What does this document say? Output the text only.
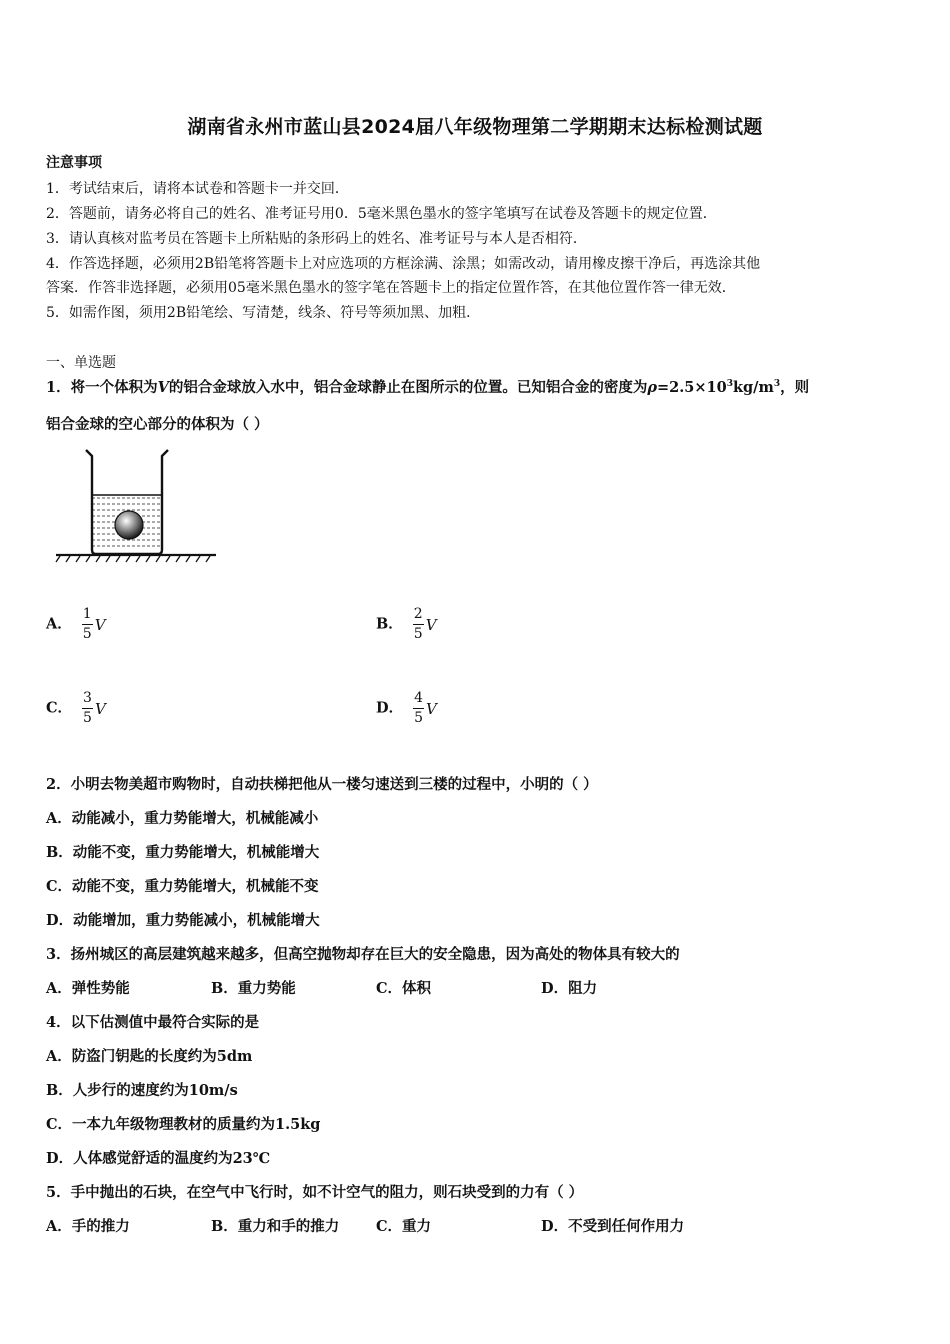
湖南省永州市蓝山县2024届八年级物理第二学期期末达标检测试题
注意事项
1．考试结束后，请将本试卷和答题卡一并交回．
2．答题前，请务必将自己的姓名、准考证号用0．5毫米黑色墨水的签字笔填写在试卷及答题卡的规定位置．
3．请认真核对监考员在答题卡上所粘贴的条形码上的姓名、准考证号与本人是否相符．
4．作答选择题，必须用2B铅笔将答题卡上对应选项的方框涂满、涂黑；如需改动，请用橡皮擦干净后，再选涂其他
答案．作答非选择题，必须用05毫米黑色墨水的签字笔在答题卡上的指定位置作答，在其他位置作答一律无效．
5．如需作图，须用2B铅笔绘、写清楚，线条、符号等须加黑、加粗．
一、单选题
1．将一个体积为V的铝合金球放入水中，铝合金球静止在图所示的位置。已知铝合金的密度为$\rho=2.5\times 10^3kg/m^3$，则
铝合金球的空心部分的体积为（ ）
A． $\frac{1}{5}$ V	B． $\frac{2}{5}$ V
C． $\frac{3}{5}$ V	D． $\frac{4}{5}$ V
2．小明去物美超市购物时，自动扶梯把他从一楼匀速送到三楼的过程中，小明的（ ）
A．动能减小，重力势能增大，机械能减小
B．动能不变，重力势能增大，机械能增大
C．动能不变，重力势能增大，机械能不变
D．动能增加，重力势能减小，机械能增大
3．扬州城区的高层建筑越来越多，但高空抛物却存在巨大的安全隐患，因为高处的物体具有较大的
A．弹性势能	B．重力势能	C．体积	D．阻力
4．以下估测值中最符合实际的是
A．防盗门钥匙的长度约为5dm
B．人步行的速度约为10m/s
C．一本九年级物理教材的质量约为1.5kg
D．人体感觉舒适的温度约为23℃
5．手中抛出的石块，在空气中飞行时，如不计空气的阻力，则石块受到的力有（ ）
A．手的推力	B．重力和手的推力	C．重力	D．不受到任何作用力
